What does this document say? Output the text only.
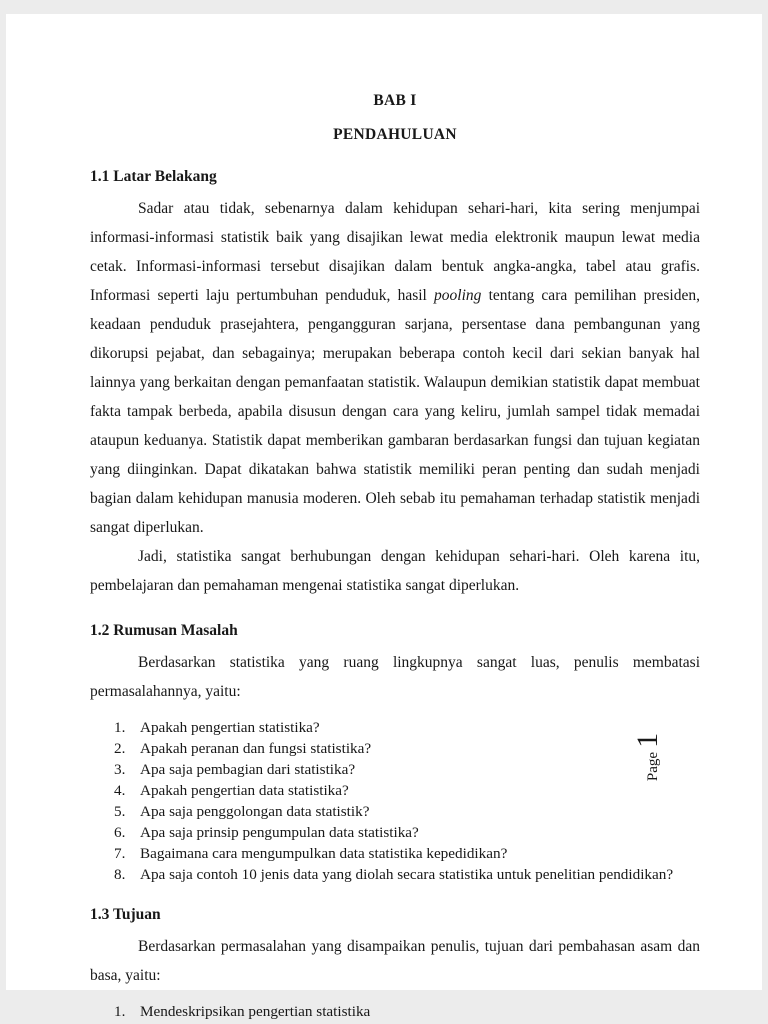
BAB I
PENDAHULUAN
1.1 Latar Belakang

Sadar atau tidak, sebenarnya dalam kehidupan sehari-hari, kita sering menjumpai informasi-informasi statistik baik yang disajikan lewat media elektronik maupun lewat media cetak. Informasi-informasi tersebut disajikan dalam bentuk angka-angka, tabel atau grafis. Informasi seperti laju pertumbuhan penduduk, hasil pooling tentang cara pemilihan presiden, keadaan penduduk prasejahtera, pengangguran sarjana, persentase dana pembangunan yang dikorupsi pejabat, dan sebagainya; merupakan beberapa contoh kecil dari sekian banyak hal lainnya yang berkaitan dengan pemanfaatan statistik. Walaupun demikian statistik dapat membuat fakta tampak berbeda, apabila disusun dengan cara yang keliru, jumlah sampel tidak memadai ataupun keduanya. Statistik dapat memberikan gambaran berdasarkan fungsi dan tujuan kegiatan yang diinginkan. Dapat dikatakan bahwa statistik memiliki peran penting dan sudah menjadi bagian dalam kehidupan manusia moderen. Oleh sebab itu pemahaman terhadap statistik menjadi sangat diperlukan.

Jadi, statistika sangat berhubungan dengan kehidupan sehari-hari. Oleh karena itu, pembelajaran dan pemahaman mengenai statistika sangat diperlukan.

1.2 Rumusan Masalah

Berdasarkan statistika yang ruang lingkupnya sangat luas, penulis membatasi permasalahannya, yaitu:

1. Apakah pengertian statistika?
2. Apakah peranan dan fungsi statistika?
3. Apa saja pembagian dari statistika?
4. Apakah pengertian data statistika?
5. Apa saja penggolongan data statistik?
6. Apa saja prinsip pengumpulan data statistika?
7. Bagaimana cara mengumpulkan data statistika kepedidikan?
8. Apa saja contoh 10 jenis data yang diolah secara statistika untuk penelitian pendidikan?
1.3 Tujuan

Berdasarkan permasalahan yang disampaikan penulis, tujuan dari pembahasan asam dan basa, yaitu:

1. Mendeskripsikan pengertian statistika
Page
1
